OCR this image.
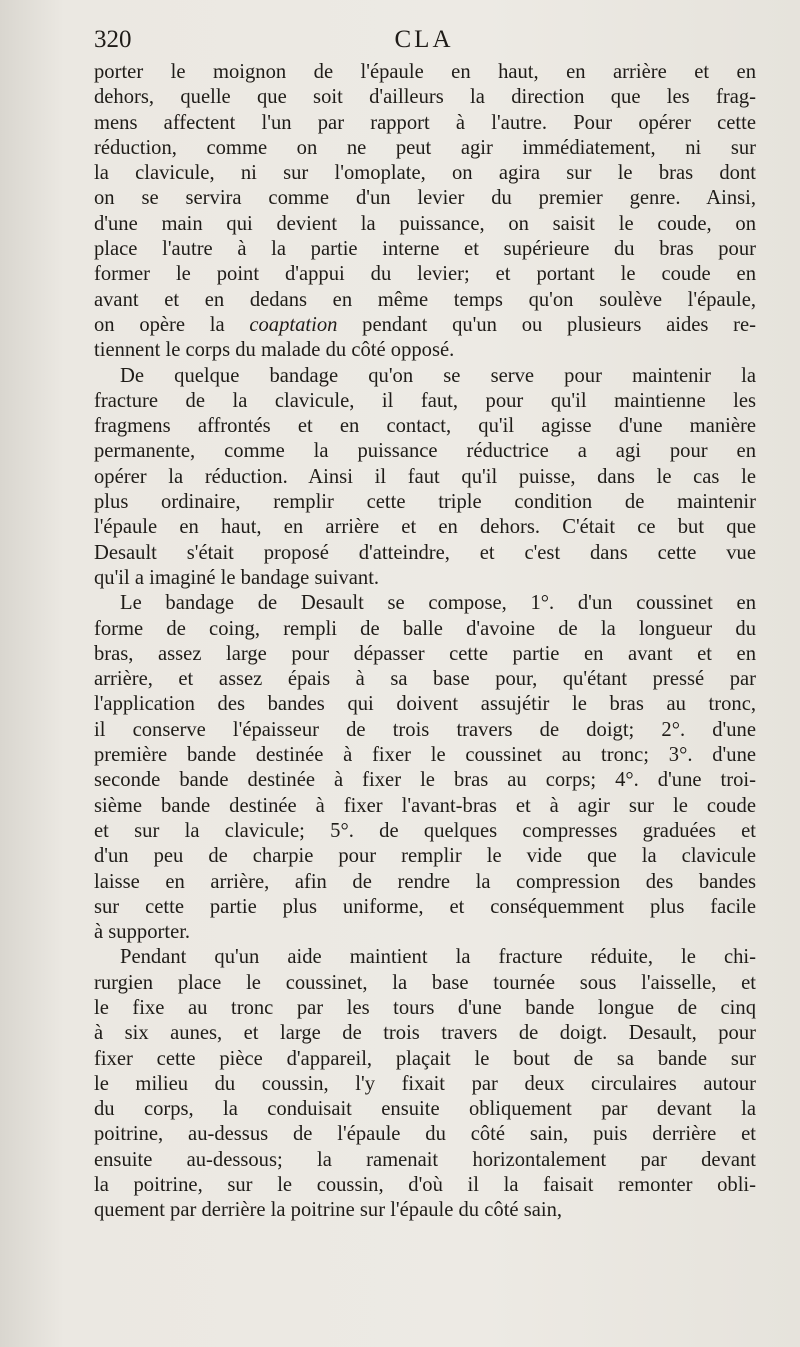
320	CLA
porter le moignon de l'épaule en haut, en arrière et en
dehors, quelle que soit d'ailleurs la direction que les frag-
mens affectent l'un par rapport à l'autre. Pour opérer cette
réduction, comme on ne peut agir immédiatement, ni sur
la clavicule, ni sur l'omoplate, on agira sur le bras dont
on se servira comme d'un levier du premier genre. Ainsi,
d'une main qui devient la puissance, on saisit le coude, on
place l'autre à la partie interne et supérieure du bras pour
former le point d'appui du levier; et portant le coude en
avant et en dedans en même temps qu'on soulève l'épaule,
on opère la coaptation pendant qu'un ou plusieurs aides re-
tiennent le corps du malade du côté opposé.
De quelque bandage qu'on se serve pour maintenir la
fracture de la clavicule, il faut, pour qu'il maintienne les
fragmens affrontés et en contact, qu'il agisse d'une manière
permanente, comme la puissance réductrice a agi pour en
opérer la réduction. Ainsi il faut qu'il puisse, dans le cas le
plus ordinaire, remplir cette triple condition de maintenir
l'épaule en haut, en arrière et en dehors. C'était ce but que
Desault s'était proposé d'atteindre, et c'est dans cette vue
qu'il a imaginé le bandage suivant.
Le bandage de Desault se compose, 1°. d'un coussinet en
forme de coing, rempli de balle d'avoine de la longueur du
bras, assez large pour dépasser cette partie en avant et en
arrière, et assez épais à sa base pour, qu'étant pressé par
l'application des bandes qui doivent assujétir le bras au tronc,
il conserve l'épaisseur de trois travers de doigt; 2°. d'une
première bande destinée à fixer le coussinet au tronc; 3°. d'une
seconde bande destinée à fixer le bras au corps; 4°. d'une troi-
sième bande destinée à fixer l'avant-bras et à agir sur le coude
et sur la clavicule; 5°. de quelques compresses graduées et
d'un peu de charpie pour remplir le vide que la clavicule
laisse en arrière, afin de rendre la compression des bandes
sur cette partie plus uniforme, et conséquemment plus facile
à supporter.
Pendant qu'un aide maintient la fracture réduite, le chi-
rurgien place le coussinet, la base tournée sous l'aisselle, et
le fixe au tronc par les tours d'une bande longue de cinq
à six aunes, et large de trois travers de doigt. Desault, pour
fixer cette pièce d'appareil, plaçait le bout de sa bande sur
le milieu du coussin, l'y fixait par deux circulaires autour
du corps, la conduisait ensuite obliquement par devant la
poitrine, au-dessus de l'épaule du côté sain, puis derrière et
ensuite au-dessous; la ramenait horizontalement par devant
la poitrine, sur le coussin, d'où il la faisait remonter obli-
quement par derrière la poitrine sur l'épaule du côté sain,
